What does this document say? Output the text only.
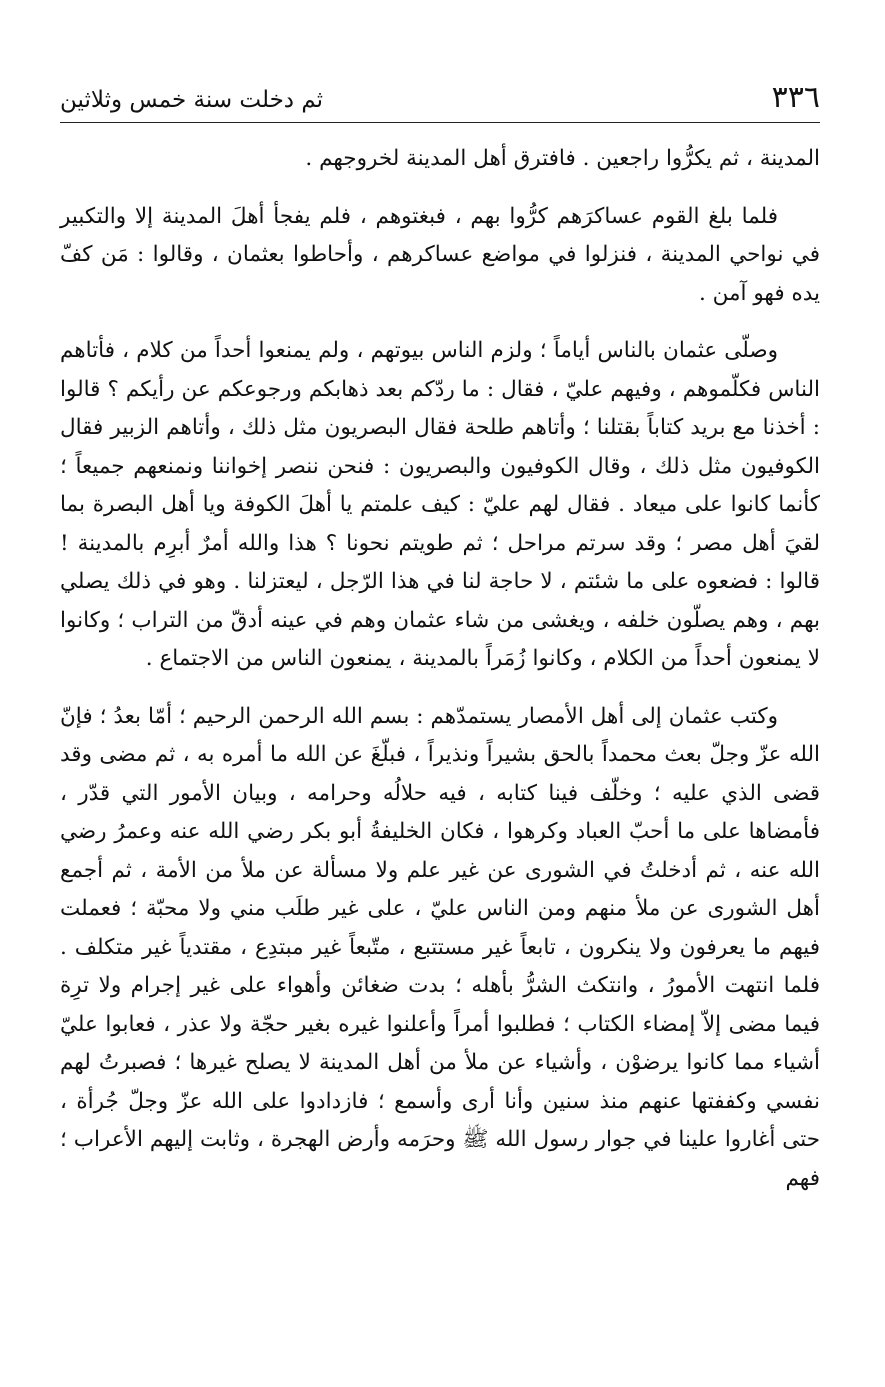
٣٣٦
ثم دخلت سنة خمس وثلاثين

المدينة ، ثم يكرُّوا راجعين . فافترق أهل المدينة لخروجهم .

فلما بلغ القوم عساكرَهم كرُّوا بهم ، فبغتوهم ، فلم يفجأ أهلَ المدينة إلا والتكبير في نواحي المدينة ، فنزلوا في مواضع عساكرهم ، وأحاطوا بعثمان ، وقالوا : مَن كفّ يده فهو آمن .

وصلّى عثمان بالناس أياماً ؛ ولزم الناس بيوتهم ، ولم يمنعوا أحداً من كلام ، فأتاهم الناس فكلّموهم ، وفيهم عليّ ، فقال : ما ردّكم بعد ذهابكم ورجوعكم عن رأيكم ؟ قالوا : أخذنا مع بريد كتاباً بقتلنا ؛ وأتاهم طلحة فقال البصريون مثل ذلك ، وأتاهم الزبير فقال الكوفيون مثل ذلك ، وقال الكوفيون والبصريون : فنحن ننصر إخواننا ونمنعهم جميعاً ؛ كأنما كانوا على ميعاد . فقال لهم عليّ : كيف علمتم يا أهلَ الكوفة ويا أهل البصرة بما لقيَ أهل مصر ؛ وقد سرتم مراحل ؛ ثم طويتم نحونا ؟ هذا والله أمرٌ أبرِم بالمدينة ! قالوا : فضعوه على ما شئتم ، لا حاجة لنا في هذا الرّجل ، ليعتزلنا . وهو في ذلك يصلي بهم ، وهم يصلّون خلفه ، ويغشى من شاء عثمان وهم في عينه أدقّ من التراب ؛ وكانوا لا يمنعون أحداً من الكلام ، وكانوا زُمَراً بالمدينة ، يمنعون الناس من الاجتماع .

وكتب عثمان إلى أهل الأمصار يستمدّهم : بسم الله الرحمن الرحيم ؛ أمّا بعدُ ؛ فإنّ الله عزّ وجلّ بعث محمداً بالحق بشيراً ونذيراً ، فبلّغَ عن الله ما أمره به ، ثم مضى وقد قضى الذي عليه ؛ وخلّف فينا كتابه ، فيه حلالُه وحرامه ، وبيان الأمور التي قدّر ، فأمضاها على ما أحبّ العباد وكرهوا ، فكان الخليفةُ أبو بكر رضي الله عنه وعمرُ رضي الله عنه ، ثم أدخلتُ في الشورى عن غير علم ولا مسألة عن ملأ من الأمة ، ثم أجمع أهل الشورى عن ملأ منهم ومن الناس عليّ ، على غير طلَب مني ولا محبّة ؛ فعملت فيهم ما يعرفون ولا ينكرون ، تابعاً غير مستتبع ، متّبعاً غير مبتدِع ، مقتدياً غير متكلف . فلما انتهت الأمورُ ، وانتكث الشرُّ بأهله ؛ بدت ضغائن وأهواء على غير إجرام ولا ترِة فيما مضى إلاّ إمضاء الكتاب ؛ فطلبوا أمراً وأعلنوا غيره بغير حجّة ولا عذر ، فعابوا عليّ أشياء مما كانوا يرضوْن ، وأشياء عن ملأ من أهل المدينة لا يصلح غيرها ؛ فصبرتُ لهم نفسي وكففتها عنهم منذ سنين وأنا أرى وأسمع ؛ فازدادوا على الله عزّ وجلّ جُرأة ، حتى أغاروا علينا في جوار رسول الله ﷺ وحرَمه وأرض الهجرة ، وثابت إليهم الأعراب ؛ فهم
